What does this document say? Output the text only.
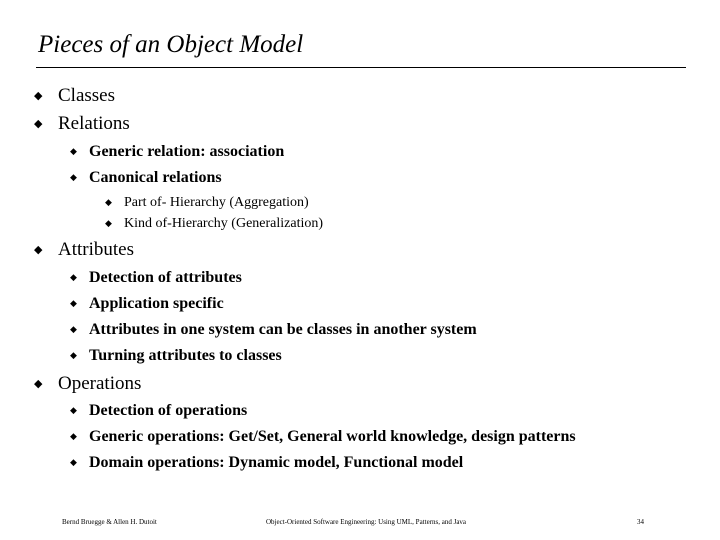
Pieces of an Object Model
◆ Classes
◆ Relations
◆ Generic relation: association
◆ Canonical relations
◆ Part of- Hierarchy (Aggregation)
◆ Kind of-Hierarchy (Generalization)
◆ Attributes
◆ Detection of attributes
◆ Application specific
◆ Attributes in one system can be classes in another system
◆ Turning attributes to classes
◆ Operations
◆ Detection of operations
◆ Generic operations: Get/Set, General world knowledge, design patterns
◆ Domain operations: Dynamic model, Functional model
Bernd Bruegge & Allen H. Dutoit	Object-Oriented Software Engineering: Using UML, Patterns, and Java	34
